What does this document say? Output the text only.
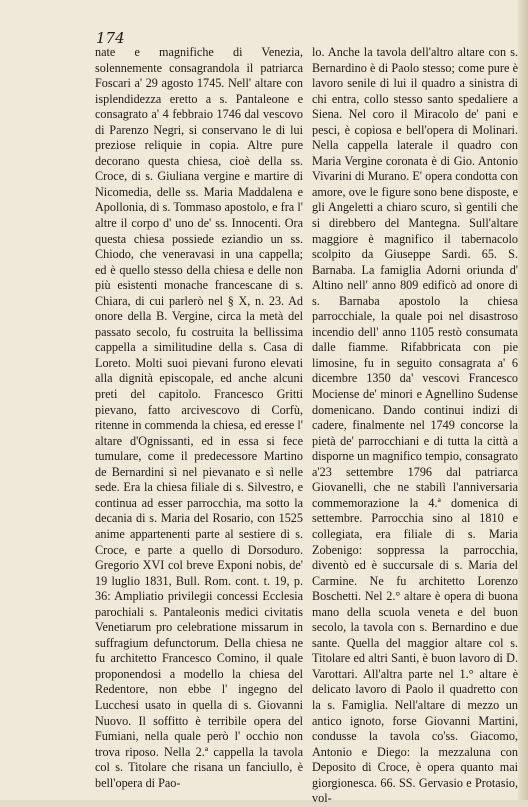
174

nate e magnifiche di Venezia, solennemente consagrandola il patriarca Foscari a' 29 agosto 1745. Nell' altare con isplendidezza eretto a s. Pantaleone e consagrato a' 4 febbraio 1746 dal vescovo di Parenzo Negri, si conservano le di lui preziose reliquie in copia. Altre pure decorano questa chiesa, cioè della ss. Croce, di s. Giuliana vergine e martire di Nicomedia, delle ss. Maria Maddalena e Apollonia, di s. Tommaso apostolo, e fra l' altre il corpo d' uno de' ss. Innocenti. Ora questa chiesa possiede eziandio un ss. Chiodo, che veneravasi in una cappella; ed è quello stesso della chiesa e delle non più esistenti monache francescane di s. Chiara, di cui parlerò nel § X, n. 23. Ad onore della B. Vergine, circa la metà del passato secolo, fu costruita la bellissima cappella a similitudine della s. Casa di Loreto. Molti suoi pievani furono elevati alla dignità episcopale, ed anche alcuni preti del capitolo. Francesco Gritti pievano, fatto arcivescovo di Corfù, ritenne in commenda la chiesa, ed eresse l' altare d'Ognissanti, ed in essa si fece tumulare, come il predecessore Martino de Bernardini sì nel pievanato e sì nelle sede. Era la chiesa filiale di s. Silvestro, e continua ad esser parrocchia, ma sotto la decania di s. Maria del Rosario, con 1525 anime appartenenti parte al sestiere di s. Croce, e parte a quello di Dorsoduro. Gregorio XVI col breve Exponi nobis, de' 19 luglio 1831, Bull. Rom. cont. t. 19, p. 36: Ampliatio privilegii concessi Ecclesia parochiali s. Pantaleonis medici civitatis Venetiarum pro celebratione missarum in suffragium defunctorum. Della chiesa ne fu architetto Francesco Comino, il quale proponendosi a modello la chiesa del Redentore, non ebbe l' ingegno del Lucchesi usato in quella di s. Giovanni Nuovo. Il soffitto è terribile opera del Fumiani, nella quale però l' occhio non trova riposo. Nella 2.ª cappella la tavola col s. Titolare che risana un fanciullo, è bell'opera di Pao-

lo. Anche la tavola dell'altro altare con s. Bernardino è di Paolo stesso; come pure è lavoro senile di lui il quadro a sinistra di chi entra, collo stesso santo spedaliere a Siena. Nel coro il Miracolo de' pani e pesci, è copiosa e bell'opera di Molinari. Nella cappella laterale il quadro con Maria Vergine coronata è di Gio. Antonio Vivarini di Murano. E' opera condotta con amore, ove le figure sono bene disposte, e gli Angeletti a chiaro scuro, sì gentili che si direbbero del Mantegna. Sull'altare maggiore è magnifico il tabernacolo scolpito da Giuseppe Sardi. 65. S. Barnaba. La famiglia Adorni oriunda d' Altino nell' anno 809 edificò ad onore di s. Barnaba apostolo la chiesa parrocchiale, la quale poi nel disastroso incendio dell' anno 1105 restò consumata dalle fiamme. Rifabbricata con pie limosine, fu in seguito consagrata a' 6 dicembre 1350 da' vescovi Francesco Mociense de' minori e Agnellino Sudense domenicano. Dando continui indizi di cadere, finalmente nel 1749 concorse la pietà de' parrocchiani e di tutta la città a disporne un magnifico tempio, consagrato a'23 settembre 1796 dal patriarca Giovanelli, che ne stabilì l'anniversaria commemorazione la 4.ª domenica di settembre. Parrocchia sino al 1810 e collegiata, era filiale di s. Maria Zobenigo: soppressa la parrocchia, diventò ed è succursale di s. Maria del Carmine. Ne fu architetto Lorenzo Boschetti. Nel 2.° altare è opera di buona mano della scuola veneta e del buon secolo, la tavola con s. Bernardino e due sante. Quella del maggior altare col s. Titolare ed altri Santi, è buon lavoro di D. Varottari. All'altra parte nel 1.° altare è delicato lavoro di Paolo il quadretto con la s. Famiglia. Nell'altare di mezzo un antico ignoto, forse Giovanni Martini, condusse la tavola co'ss. Giacomo, Antonio e Diego: la mezzaluna con Deposito di Croce, è opera quanto mai giorgionesca. 66. SS. Gervasio e Protasio, vol-
